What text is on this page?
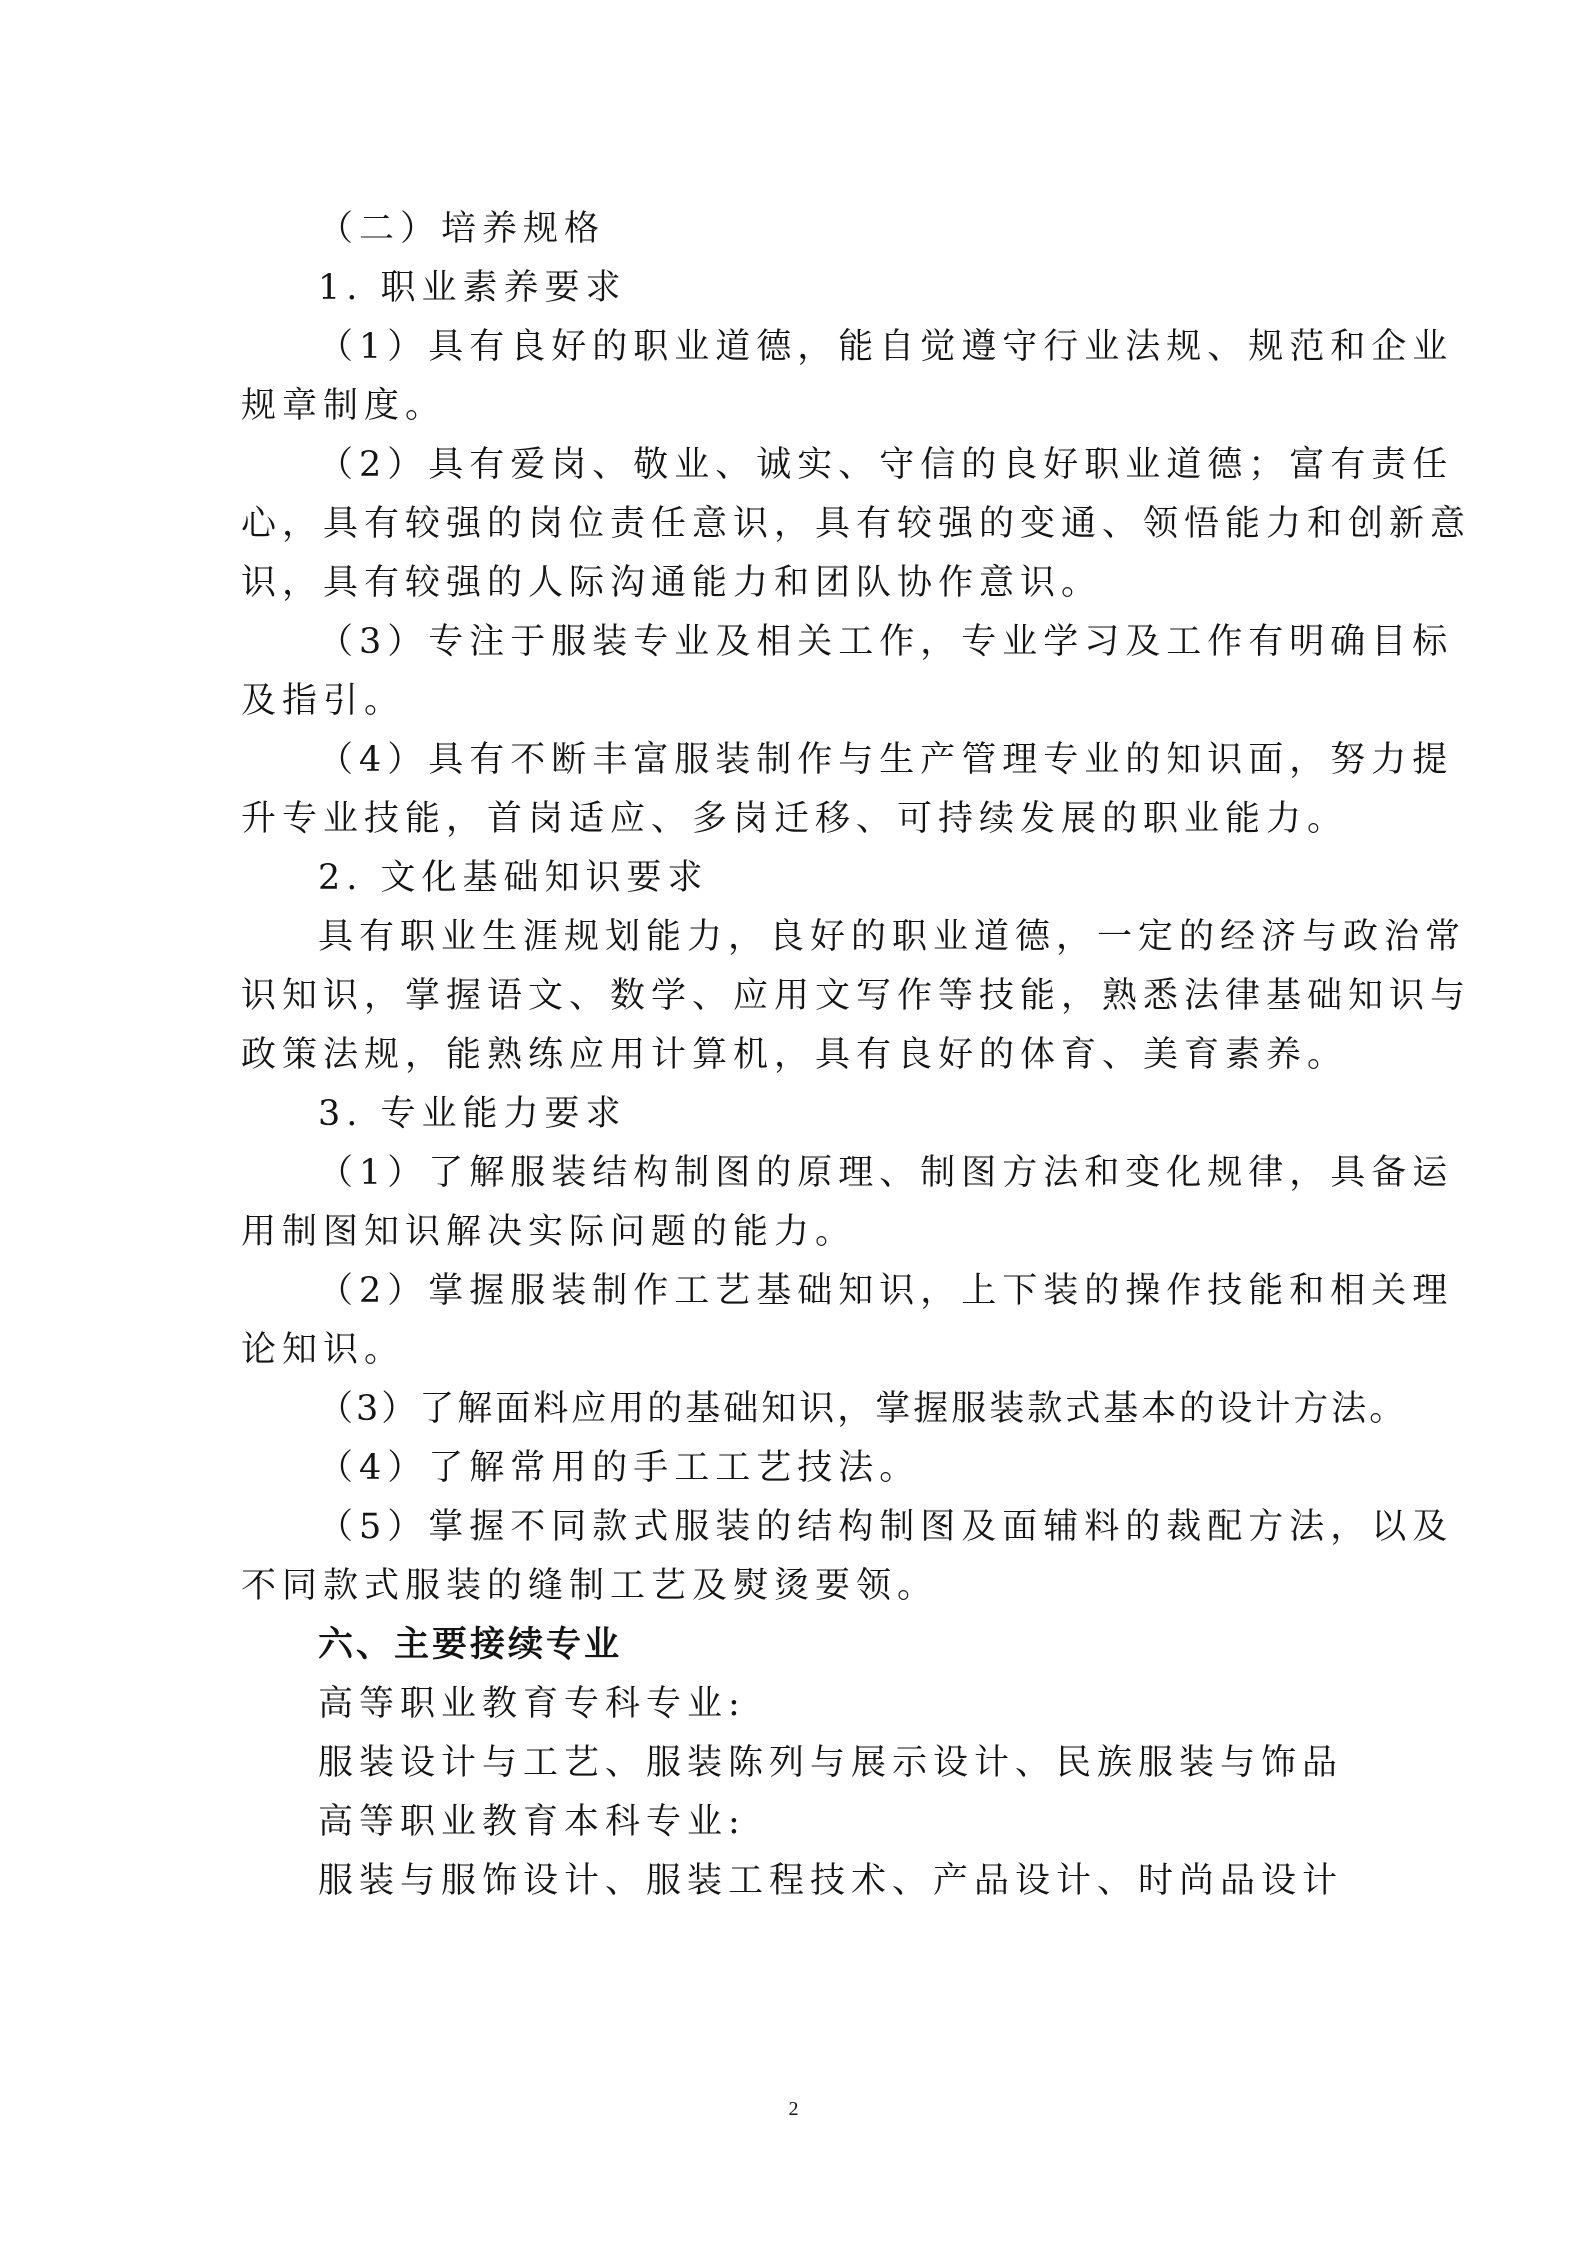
（二）培养规格
1. 职业素养要求
（1）具有良好的职业道德，能自觉遵守行业法规、规范和企业
规章制度。
（2）具有爱岗、敬业、诚实、守信的良好职业道德；富有责任
心，具有较强的岗位责任意识，具有较强的变通、领悟能力和创新意
识，具有较强的人际沟通能力和团队协作意识。
（3）专注于服装专业及相关工作，专业学习及工作有明确目标
及指引。
（4）具有不断丰富服装制作与生产管理专业的知识面，努力提
升专业技能，首岗适应、多岗迁移、可持续发展的职业能力。
2. 文化基础知识要求
具有职业生涯规划能力，良好的职业道德，一定的经济与政治常
识知识，掌握语文、数学、应用文写作等技能，熟悉法律基础知识与
政策法规，能熟练应用计算机，具有良好的体育、美育素养。
3. 专业能力要求
（1）了解服装结构制图的原理、制图方法和变化规律，具备运
用制图知识解决实际问题的能力。
（2）掌握服装制作工艺基础知识，上下装的操作技能和相关理
论知识。
（3）了解面料应用的基础知识，掌握服装款式基本的设计方法。
（4）了解常用的手工工艺技法。
（5）掌握不同款式服装的结构制图及面辅料的裁配方法，以及
不同款式服装的缝制工艺及熨烫要领。
六、主要接续专业
高等职业教育专科专业:
服装设计与工艺、服装陈列与展示设计、民族服装与饰品
高等职业教育本科专业:
服装与服饰设计、服装工程技术、产品设计、时尚品设计
2
